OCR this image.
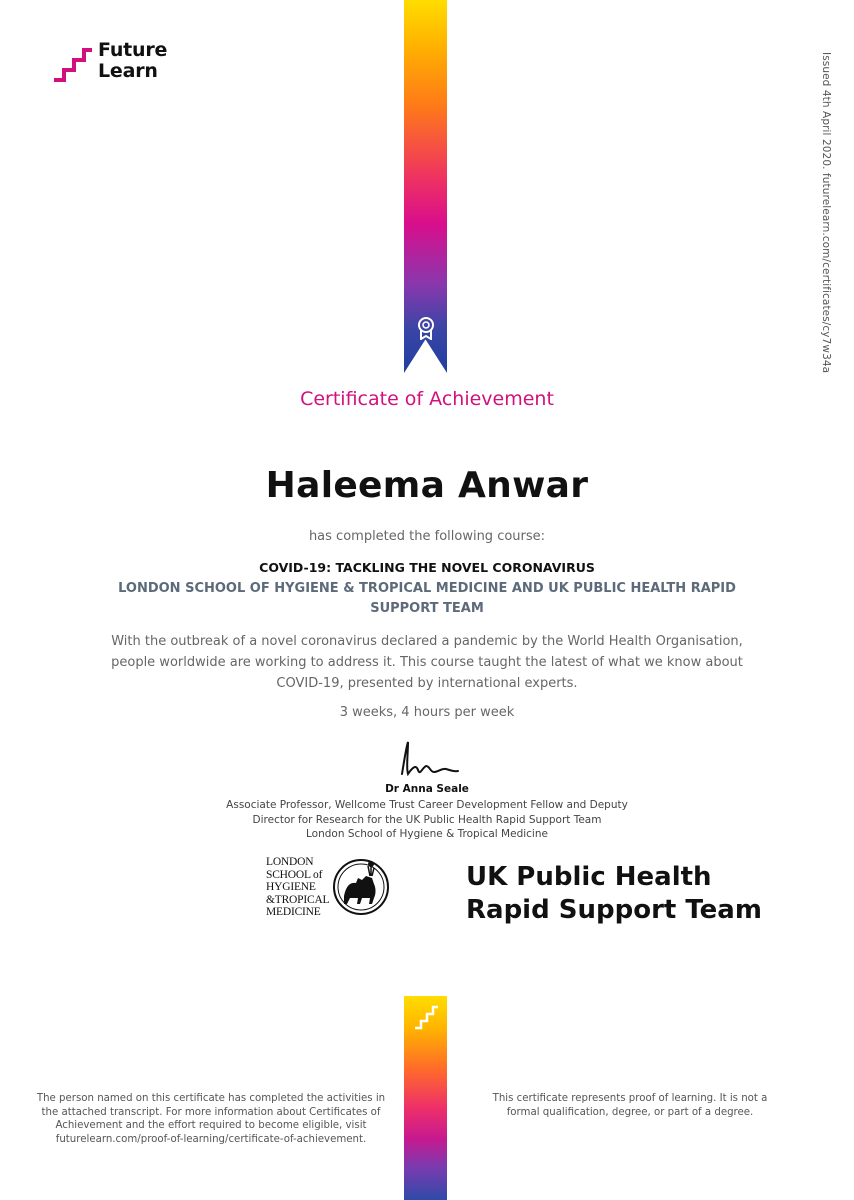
Future
Learn	Issued 4th April 2020. futurelearn.com/certificates/cy7w34a
Certificate of Achievement
Haleema Anwar
has completed the following course:
COVID-19: TACKLING THE NOVEL CORONAVIRUS
LONDON SCHOOL OF HYGIENE & TROPICAL MEDICINE AND UK PUBLIC HEALTH RAPID SUPPORT TEAM
With the outbreak of a novel coronavirus declared a pandemic by the World Health Organisation, people worldwide are working to address it. This course taught the latest of what we know about COVID-19, presented by international experts.
3 weeks, 4 hours per week
Dr Anna Seale
Associate Professor, Wellcome Trust Career Development Fellow and Deputy
Director for Research for the UK Public Health Rapid Support Team
London School of Hygiene & Tropical Medicine
LONDON
SCHOOL of
HYGIENE
&TROPICAL
MEDICINE
UK Public Health
Rapid Support Team
The person named on this certificate has completed the activities in the attached transcript. For more information about Certificates of Achievement and the effort required to become eligible, visit futurelearn.com/proof-of-learning/certificate-of-achievement.
This certificate represents proof of learning. It is not a formal qualification, degree, or part of a degree.
